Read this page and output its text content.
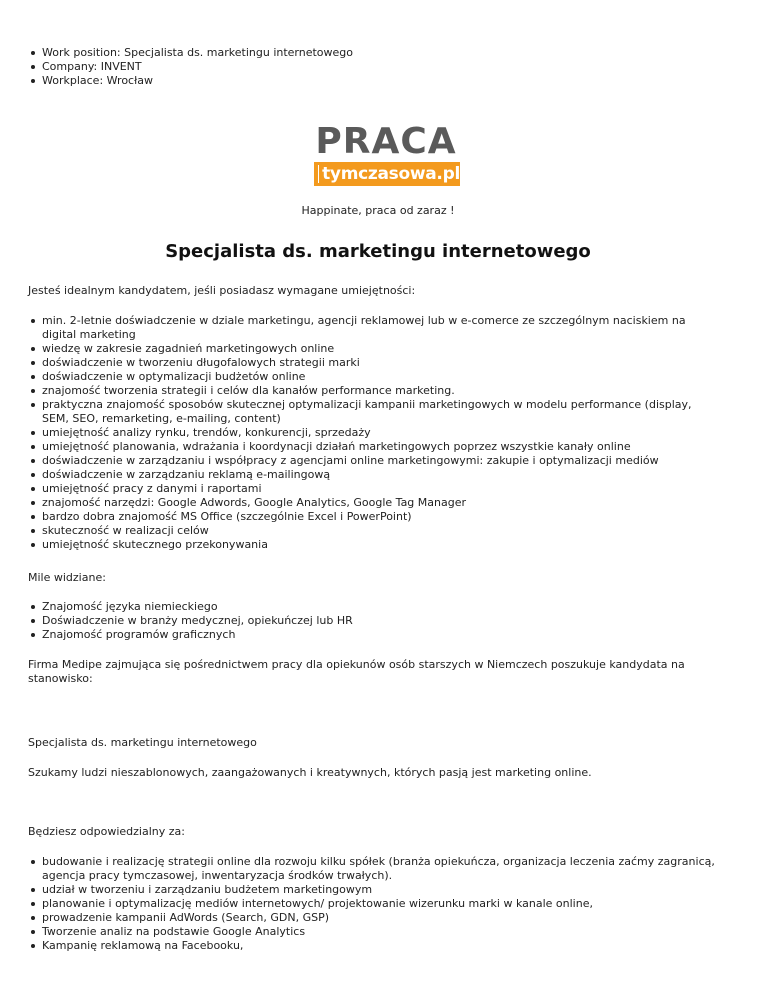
Work position: Specjalista ds. marketingu internetowego
Company: INVENT
Workplace: Wrocław
PRACA
tymczasowa.pl
Happinate, praca od zaraz !
Specjalista ds. marketingu internetowego

Jesteś idealnym kandydatem, jeśli posiadasz wymagane umiejętności:

min. 2-letnie doświadczenie w dziale marketingu, agencji reklamowej lub w e-comerce ze szczególnym naciskiem na digital marketing
wiedzę w zakresie zagadnień marketingowych online
doświadczenie w tworzeniu długofalowych strategii marki
doświadczenie w optymalizacji budżetów online
znajomość tworzenia strategii i celów dla kanałów performance marketing.
praktyczna znajomość sposobów skutecznej optymalizacji kampanii marketingowych w modelu performance (display, SEM, SEO, remarketing, e-mailing, content)
umiejętność analizy rynku, trendów, konkurencji, sprzedaży
umiejętność planowania, wdrażania i koordynacji działań marketingowych poprzez wszystkie kanały online
doświadczenie w zarządzaniu i współpracy z agencjami online marketingowymi: zakupie i optymalizacji mediów
doświadczenie w zarządzaniu reklamą e-mailingową
umiejętność pracy z danymi i raportami
znajomość narzędzi: Google Adwords, Google Analytics, Google Tag Manager
bardzo dobra znajomość MS Office (szczególnie Excel i PowerPoint)
skuteczność w realizacji celów
umiejętność skutecznego przekonywania

Mile widziane:

Znajomość języka niemieckiego
Doświadczenie w branży medycznej, opiekuńczej lub HR
Znajomość programów graficznych

Firma Medipe zajmująca się pośrednictwem pracy dla opiekunów osób starszych w Niemczech poszukuje kandydata na stanowisko:

Specjalista ds. marketingu internetowego

Szukamy ludzi nieszablonowych, zaangażowanych i kreatywnych, których pasją jest marketing online.

Będziesz odpowiedzialny za:

budowanie i realizację strategii online dla rozwoju kilku spółek (branża opiekuńcza, organizacja leczenia zaćmy zagranicą, agencja pracy tymczasowej, inwentaryzacja środków trwałych).
udział w tworzeniu i zarządzaniu budżetem marketingowym
planowanie i optymalizację mediów internetowych/ projektowanie wizerunku marki w kanale online,
prowadzenie kampanii AdWords (Search, GDN, GSP)
Tworzenie analiz na podstawie Google Analytics
Kampanię reklamową na Facebooku,
